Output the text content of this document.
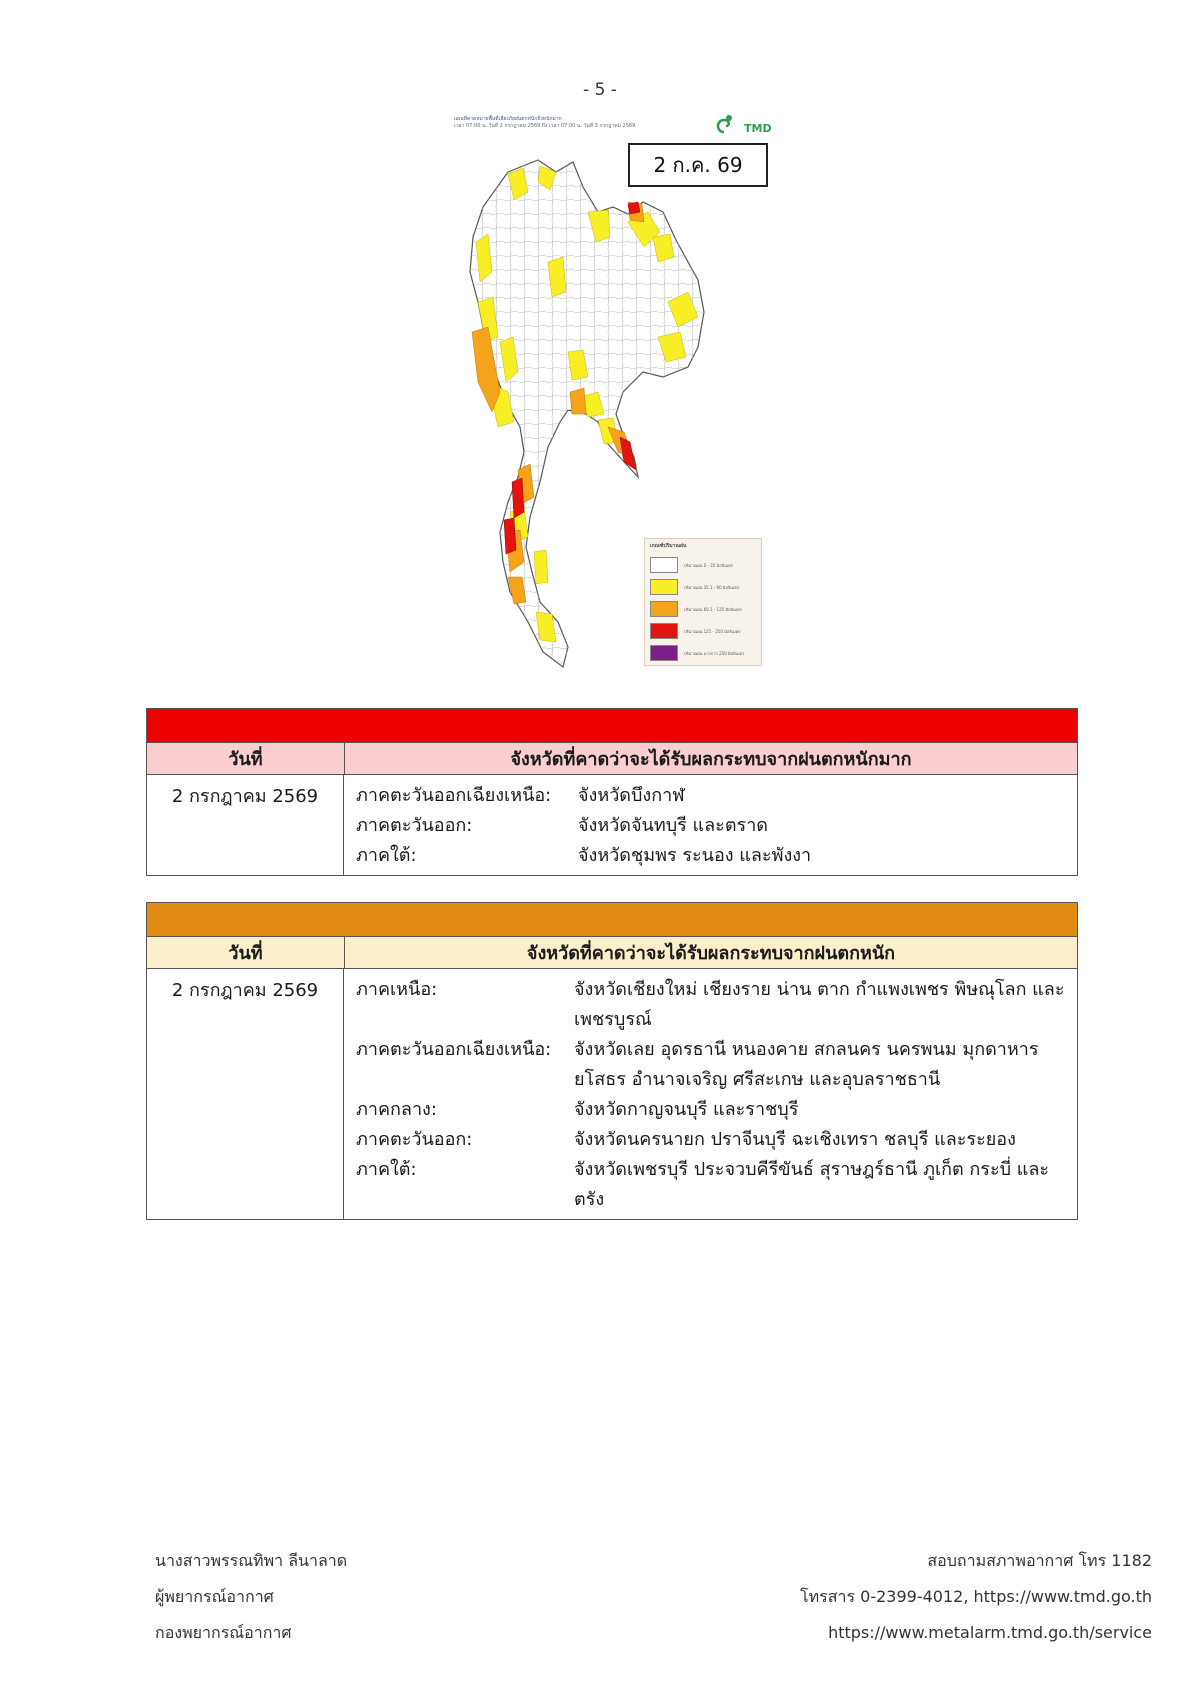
- 5 -
แผนที่คาดหมายพื้นที่เสี่ยงภัยฝนตกหนักถึงหนักมาก
เวลา 07:00 น. วันที่ 2 กรกฎาคม 2569 ถึง เวลา 07:00 น. วันที่ 3 กรกฎาคม 2569	TMD
2 ก.ค. 69
เกณฑ์ปริมาณฝน
ปริมาณฝน 0 - 35 มิลลิเมตร
ปริมาณฝน 35.1 - 60 มิลลิเมตร
ปริมาณฝน 60.1 - 125 มิลลิเมตร
ปริมาณฝน 125 - 250 มิลลิเมตร
ปริมาณฝน มากกว่า 250 มิลลิเมตร
วันที่	จังหวัดที่คาดว่าจะได้รับผลกระทบจากฝนตกหนักมาก
2 กรกฎาคม 2569	ภาคตะวันออกเฉียงเหนือ:	จังหวัดบึงกาฬ
ภาคตะวันออก:	จังหวัดจันทบุรี และตราด
ภาคใต้:	จังหวัดชุมพร ระนอง และพังงา
วันที่	จังหวัดที่คาดว่าจะได้รับผลกระทบจากฝนตกหนัก
2 กรกฎาคม 2569	ภาคเหนือ:	จังหวัดเชียงใหม่ เชียงราย น่าน ตาก กำแพงเพชร พิษณุโลก และเพชรบูรณ์
ภาคตะวันออกเฉียงเหนือ:	จังหวัดเลย อุดรธานี หนองคาย สกลนคร นครพนม มุกดาหาร ยโสธร อำนาจเจริญ ศรีสะเกษ และอุบลราชธานี
ภาคกลาง:	จังหวัดกาญจนบุรี และราชบุรี
ภาคตะวันออก:	จังหวัดนครนายก ปราจีนบุรี ฉะเชิงเทรา ชลบุรี และระยอง
ภาคใต้:	จังหวัดเพชรบุรี ประจวบคีรีขันธ์ สุราษฎร์ธานี ภูเก็ต กระบี่ และตรัง
นางสาวพรรณทิพา ลีนาลาด
ผู้พยากรณ์อากาศ
กองพยากรณ์อากาศ
สอบถามสภาพอากาศ โทร 1182
โทรสาร 0-2399-4012, https://www.tmd.go.th
https://www.metalarm.tmd.go.th/service
